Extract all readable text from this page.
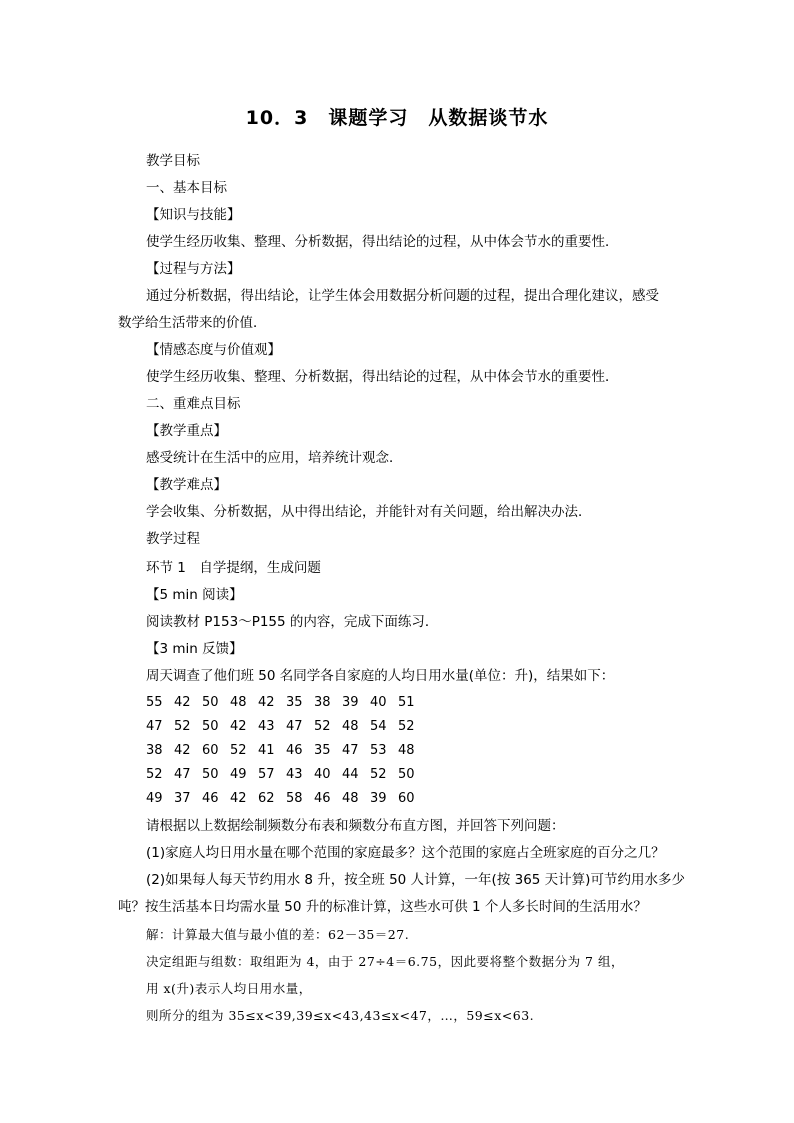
10．3　课题学习　从数据谈节水
教学目标
一、基本目标
【知识与技能】
使学生经历收集、整理、分析数据，得出结论的过程，从中体会节水的重要性．
【过程与方法】
通过分析数据，得出结论，让学生体会用数据分析问题的过程，提出合理化建议，感受
数学给生活带来的价值．
【情感态度与价值观】
使学生经历收集、整理、分析数据，得出结论的过程，从中体会节水的重要性．
二、重难点目标
【教学重点】
感受统计在生活中的应用，培养统计观念．
【教学难点】
学会收集、分析数据，从中得出结论，并能针对有关问题，给出解决办法．
教学过程
环节 1　自学提纲，生成问题
【5 min 阅读】
阅读教材 P153～P155 的内容，完成下面练习．
【3 min 反馈】
周天调查了他们班 50 名同学各自家庭的人均日用水量(单位：升)，结果如下：
55 42 50 48 42 35 38 39 40 51
47 52 50 42 43 47 52 48 54 52
38 42 60 52 41 46 35 47 53 48
52 47 50 49 57 43 40 44 52 50
49 37 46 42 62 58 46 48 39 60
请根据以上数据绘制频数分布表和频数分布直方图，并回答下列问题：
(1)家庭人均日用水量在哪个范围的家庭最多？这个范围的家庭占全班家庭的百分之几？
(2)如果每人每天节约用水 8 升，按全班 50 人计算，一年(按 365 天计算)可节约用水多少
吨？按生活基本日均需水量 50 升的标准计算，这些水可供 1 个人多长时间的生活用水？
解：计算最大值与最小值的差：62－35＝27.
决定组距与组数：取组距为 4，由于 27÷4＝6.75，因此要将整个数据分为 7 组，
用 x(升)表示人均日用水量，
则所分的组为 35≤x<39,39≤x<43,43≤x<47，…，59≤x<63.
